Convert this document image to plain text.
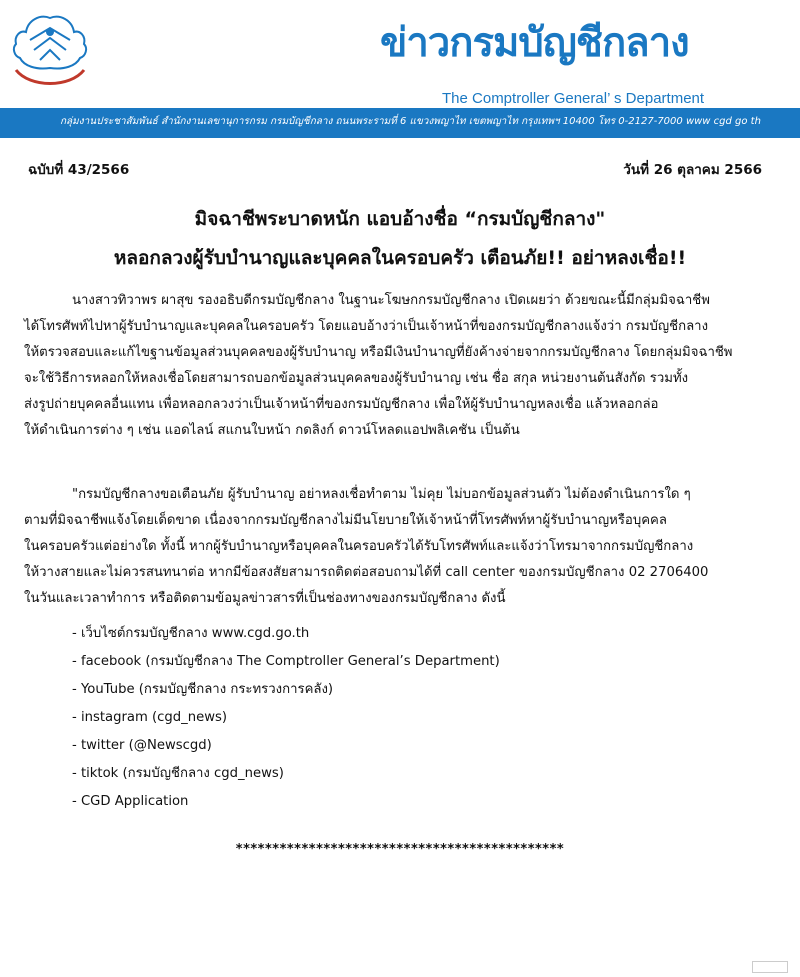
ข่าวกรมบัญชีกลาง
The Comptroller General’ s Department
กลุ่มงานประชาสัมพันธ์ สำนักงานเลขานุการกรม กรมบัญชีกลาง ถนนพระรามที่ 6 แขวงพญาไท เขตพญาไท กรุงเทพฯ 10400 โทร 0-2127-7000 www cgd go th
ฉบับที่ 43/2566	วันที่ 26 ตุลาคม 2566
มิจฉาชีพระบาดหนัก แอบอ้างชื่อ “กรมบัญชีกลาง"
หลอกลวงผู้รับบำนาญและบุคคลในครอบครัว เตือนภัย!! อย่าหลงเชื่อ!!

นางสาวทิวาพร ผาสุข รองอธิบดีกรมบัญชีกลาง ในฐานะโฆษกกรมบัญชีกลาง เปิดเผยว่า ด้วยขณะนี้มีกลุ่มมิจฉาชีพ

ได้โทรศัพท์ไปหาผู้รับบำนาญและบุคคลในครอบครัว โดยแอบอ้างว่าเป็นเจ้าหน้าที่ของกรมบัญชีกลางแจ้งว่า กรมบัญชีกลาง

ให้ตรวจสอบและแก้ไขฐานข้อมูลส่วนบุคคลของผู้รับบำนาญ หรือมีเงินบำนาญที่ยังค้างจ่ายจากกรมบัญชีกลาง โดยกลุ่มมิจฉาชีพ

จะใช้วิธีการหลอกให้หลงเชื่อโดยสามารถบอกข้อมูลส่วนบุคคลของผู้รับบำนาญ เช่น ชื่อ สกุล หน่วยงานต้นสังกัด รวมทั้ง

ส่งรูปถ่ายบุคคลอื่นแทน เพื่อหลอกลวงว่าเป็นเจ้าหน้าที่ของกรมบัญชีกลาง เพื่อให้ผู้รับบำนาญหลงเชื่อ แล้วหลอกล่อ

ให้ดำเนินการต่าง ๆ เช่น แอดไลน์ สแกนใบหน้า กดลิงก์ ดาวน์โหลดแอปพลิเคชัน เป็นต้น

"กรมบัญชีกลางขอเตือนภัย ผู้รับบำนาญ อย่าหลงเชื่อทำตาม ไม่คุย ไม่บอกข้อมูลส่วนตัว ไม่ต้องดำเนินการใด ๆ

ตามที่มิจฉาชีพแจ้งโดยเด็ดขาด เนื่องจากกรมบัญชีกลางไม่มีนโยบายให้เจ้าหน้าที่โทรศัพท์หาผู้รับบำนาญหรือบุคคล

ในครอบครัวแต่อย่างใด ทั้งนี้ หากผู้รับบำนาญหรือบุคคลในครอบครัวได้รับโทรศัพท์และแจ้งว่าโทรมาจากกรมบัญชีกลาง

ให้วางสายและไม่ควรสนทนาต่อ หากมีข้อสงสัยสามารถติดต่อสอบถามได้ที่ call center ของกรมบัญชีกลาง 02 2706400

ในวันและเวลาทำการ หรือติดตามข้อมูลข่าวสารที่เป็นช่องทางของกรมบัญชีกลาง ดังนี้

- เว็บไซต์กรมบัญชีกลาง www.cgd.go.th
- facebook (กรมบัญชีกลาง The Comptroller General’s Department)
- YouTube (กรมบัญชีกลาง กระทรวงการคลัง)
- instagram (cgd_news)
- twitter (@Newscgd)
- tiktok (กรมบัญชีกลาง cgd_news)
- CGD Application
*********************************************
